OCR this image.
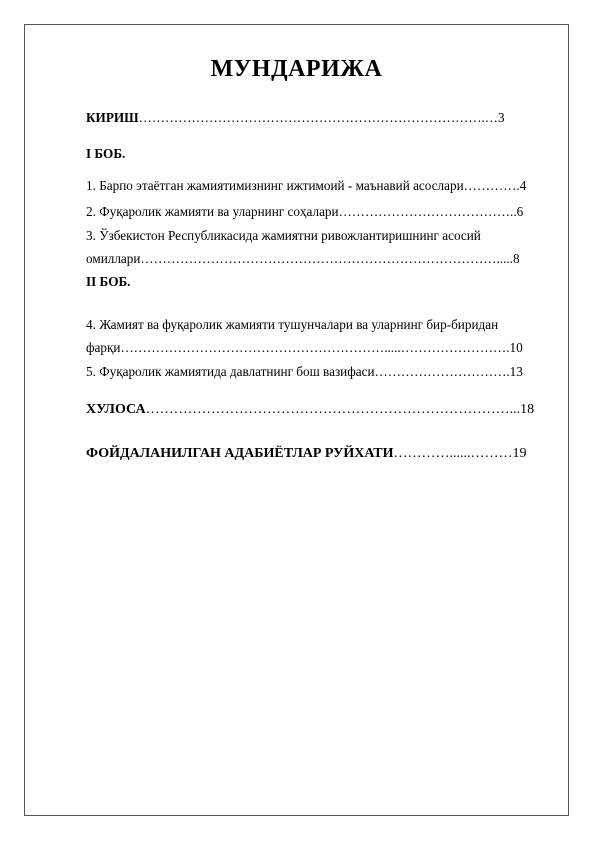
МУНДАРИЖА

КИРИШ…………………………………………………………………….…3

I БОБ.

1. Барпо этаётган жамиятимизнинг ижтимоий - маънавий асослари………….4

2. Фуқаролик жамияти ва уларнинг соҳалари…………………………………..6

3. Ўзбекистон Республикасида жамиятни ривожлантиришнинг асосий

омиллари……………………………………………………………………….....8

II БОБ.

4. Жамият ва фуқаролик жамияти тушунчалари ва уларнинг бир-биридан

фарқи…………………………………………………….....…………………….10

5. Фуқаролик жамиятида давлатнинг бош вазифаси………………………….13

ХУЛОСА……………………………………………………………………...18

ФОЙДАЛАНИЛГАН АДАБИЁТЛАР РУЙХАТИ…………......………19
